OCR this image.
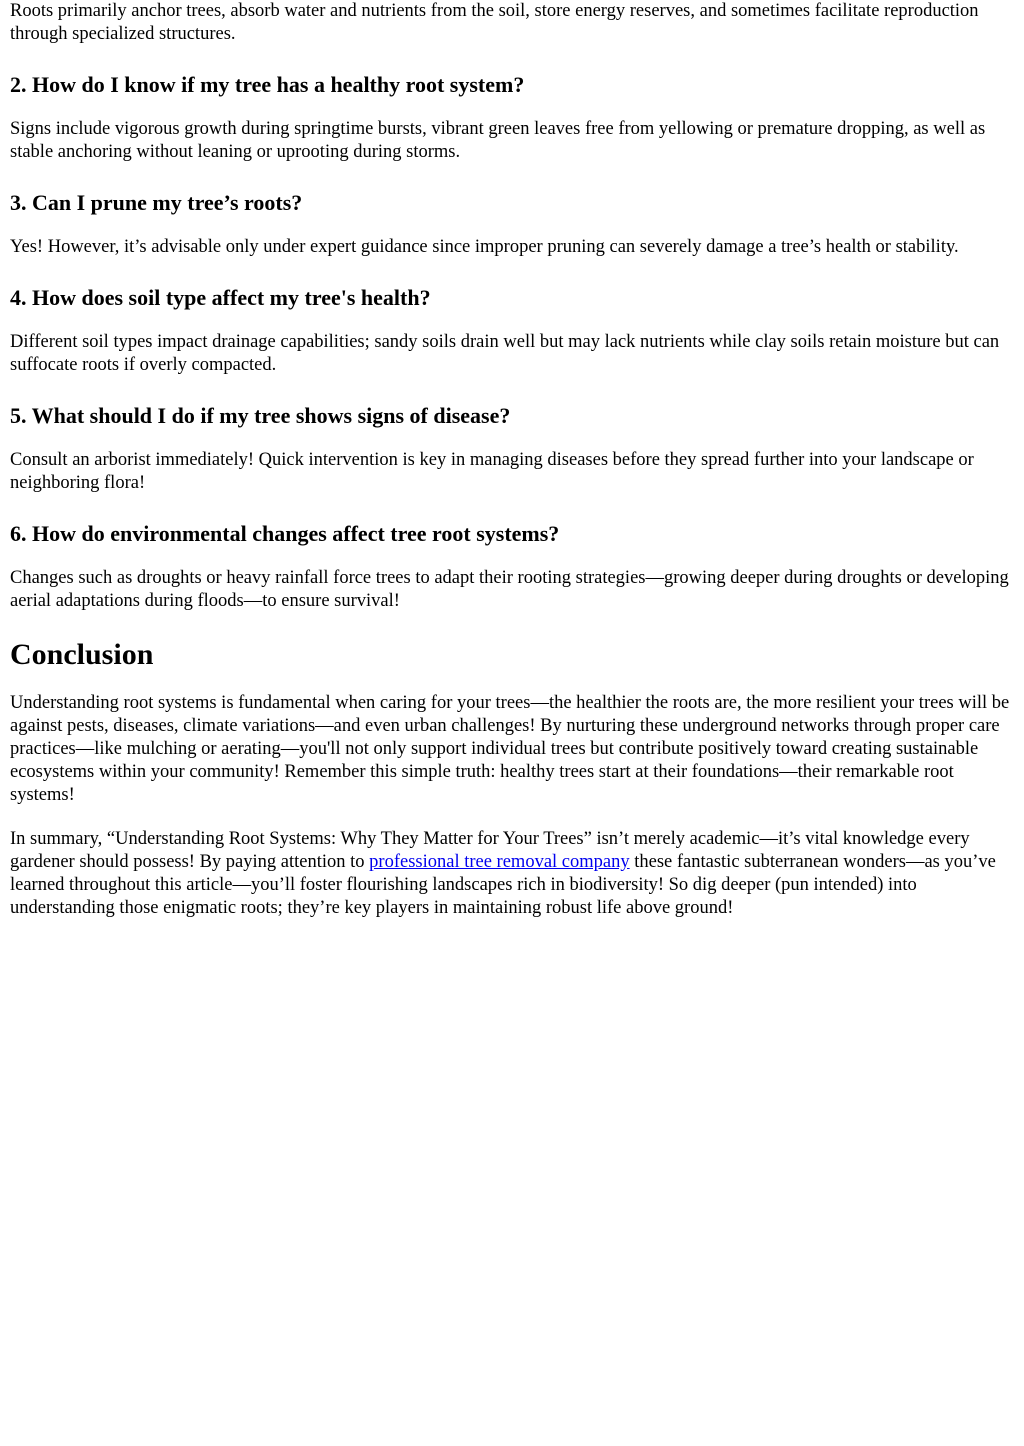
Roots primarily anchor trees, absorb water and nutrients from the soil, store energy reserves, and sometimes facilitate reproduction through specialized structures.

2. How do I know if my tree has a healthy root system?

Signs include vigorous growth during springtime bursts, vibrant green leaves free from yellowing or premature dropping, as well as stable anchoring without leaning or uprooting during storms.

3. Can I prune my tree’s roots?

Yes! However, it’s advisable only under expert guidance since improper pruning can severely damage a tree’s health or stability.

4. How does soil type affect my tree's health?

Different soil types impact drainage capabilities; sandy soils drain well but may lack nutrients while clay soils retain moisture but can suffocate roots if overly compacted.

5. What should I do if my tree shows signs of disease?

Consult an arborist immediately! Quick intervention is key in managing diseases before they spread further into your landscape or neighboring flora!

6. How do environmental changes affect tree root systems?

Changes such as droughts or heavy rainfall force trees to adapt their rooting strategies—growing deeper during droughts or developing aerial adaptations during floods—to ensure survival!

Conclusion

Understanding root systems is fundamental when caring for your trees—the healthier the roots are, the more resilient your trees will be against pests, diseases, climate variations—and even urban challenges! By nurturing these underground networks through proper care practices—like mulching or aerating—you'll not only support individual trees but contribute positively toward creating sustainable ecosystems within your community! Remember this simple truth: healthy trees start at their foundations—their remarkable root systems!

In summary, “Understanding Root Systems: Why They Matter for Your Trees” isn’t merely academic—it’s vital knowledge every gardener should possess! By paying attention to professional tree removal company these fantastic subterranean wonders—as you’ve learned throughout this article—you’ll foster flourishing landscapes rich in biodiversity! So dig deeper (pun intended) into understanding those enigmatic roots; they’re key players in maintaining robust life above ground!
